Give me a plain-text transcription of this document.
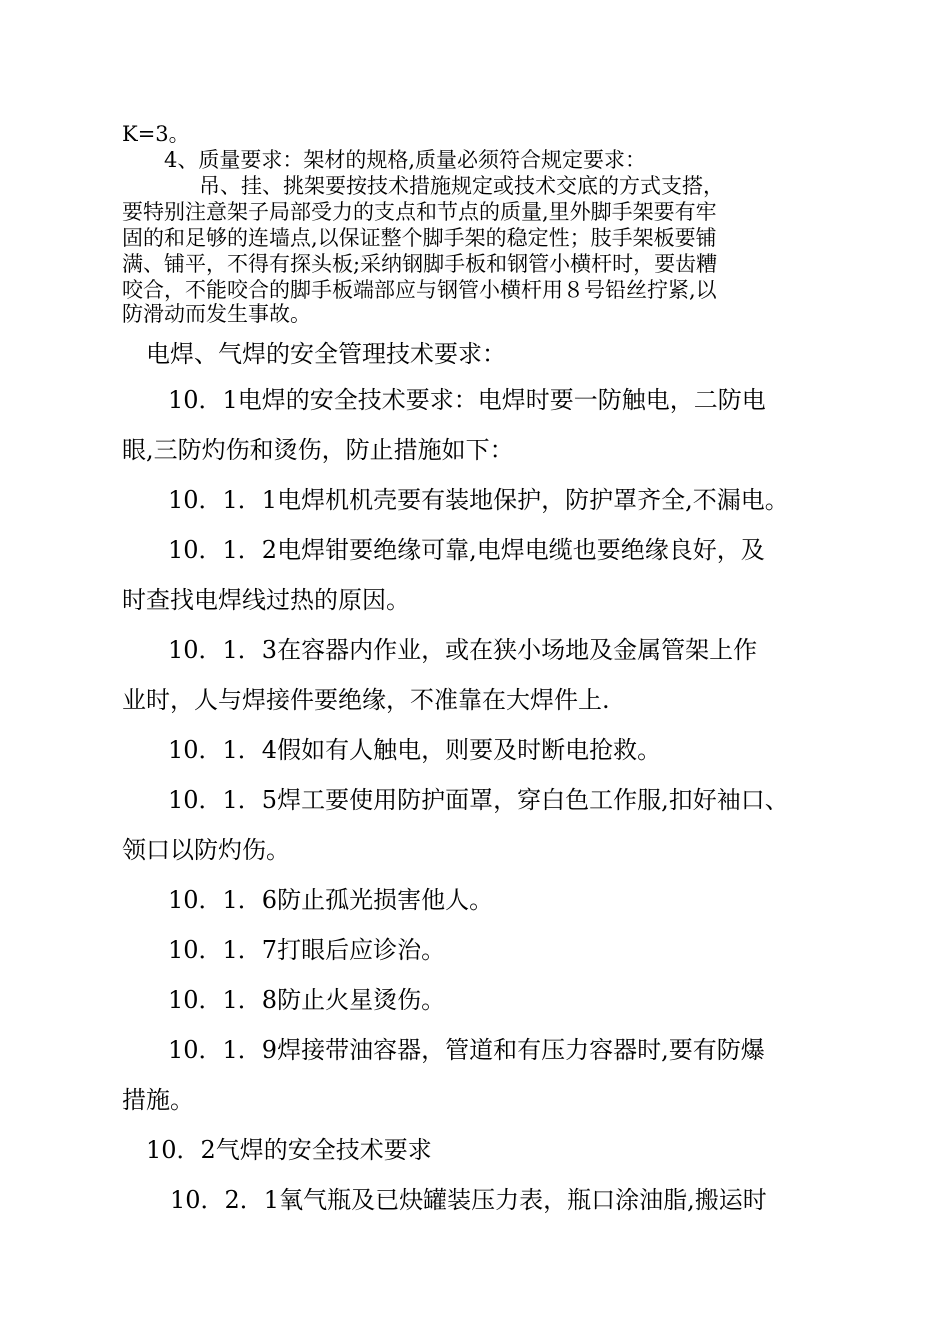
K=3。
4、质量要求：架材的规格,质量必须符合规定要求：
吊、挂、挑架要按技术措施规定或技术交底的方式支搭，
要特别注意架子局部受力的支点和节点的质量,里外脚手架要有牢
固的和足够的连墙点,以保证整个脚手架的稳定性；肢手架板要铺
满、铺平，不得有探头板;采纳钢脚手板和钢管小横杆时，要齿糟
咬合，不能咬合的脚手板端部应与钢管小横杆用８号铅丝拧紧,以
防滑动而发生事故。
电焊、气焊的安全管理技术要求：
10．1电焊的安全技术要求：电焊时要一防触电，二防电
眼,三防灼伤和烫伤，防止措施如下：
10．1．1电焊机机壳要有装地保护，防护罩齐全,不漏电。
10．1．2电焊钳要绝缘可靠,电焊电缆也要绝缘良好，及
时查找电焊线过热的原因。
10．1．3在容器内作业，或在狭小场地及金属管架上作
业时，人与焊接件要绝缘，不准靠在大焊件上.
10．1．4假如有人触电，则要及时断电抢救。
10．1．5焊工要使用防护面罩，穿白色工作服,扣好袖口、
领口以防灼伤。
10．1．6防止孤光损害他人。
10．1．7打眼后应诊治。
10．1．8防止火星烫伤。
10．1．9焊接带油容器，管道和有压力容器时,要有防爆
措施。
10．2气焊的安全技术要求
10．2．1氧气瓶及已炔罐装压力表，瓶口涂油脂,搬运时
